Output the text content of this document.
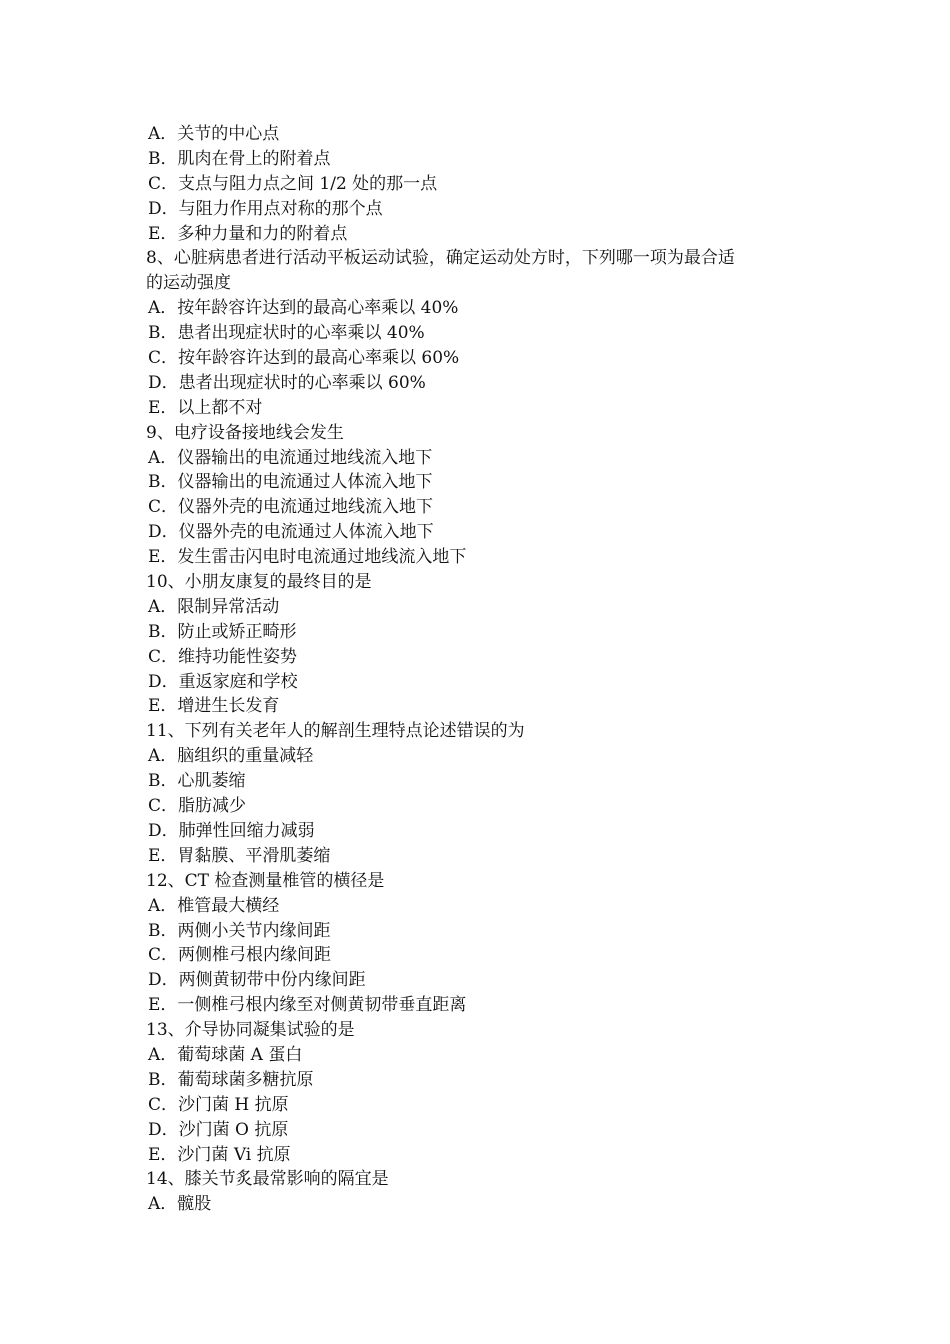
A．关节的中心点
B．肌肉在骨上的附着点
C．支点与阻力点之间 1/2 处的那一点
D．与阻力作用点对称的那个点
E．多种力量和力的附着点
8、心脏病患者进行活动平板运动试验，确定运动处方时，下列哪一项为最合适
的运动强度
A．按年龄容许达到的最高心率乘以 40%
B．患者出现症状时的心率乘以 40%
C．按年龄容许达到的最高心率乘以 60%
D．患者出现症状时的心率乘以 60%
E．以上都不对
9、电疗设备接地线会发生
A．仪器输出的电流通过地线流入地下
B．仪器输出的电流通过人体流入地下
C．仪器外壳的电流通过地线流入地下
D．仪器外壳的电流通过人体流入地下
E．发生雷击闪电时电流通过地线流入地下
10、小朋友康复的最终目的是
A．限制异常活动
B．防止或矫正畸形
C．维持功能性姿势
D．重返家庭和学校
E．增进生长发育
11、下列有关老年人的解剖生理特点论述错误的为
A．脑组织的重量减轻
B．心肌萎缩
C．脂肪减少
D．肺弹性回缩力减弱
E．胃黏膜、平滑肌萎缩
12、CT 检查测量椎管的横径是
A．椎管最大横经
B．两侧小关节内缘间距
C．两侧椎弓根内缘间距
D．两侧黄韧带中份内缘间距
E．一侧椎弓根内缘至对侧黄韧带垂直距离
13、介导协同凝集试验的是
A．葡萄球菌 A 蛋白
B．葡萄球菌多糖抗原
C．沙门菌 H 抗原
D．沙门菌 O 抗原
E．沙门菌 Vi 抗原
14、膝关节炙最常影响的隔宜是
A．髋股
